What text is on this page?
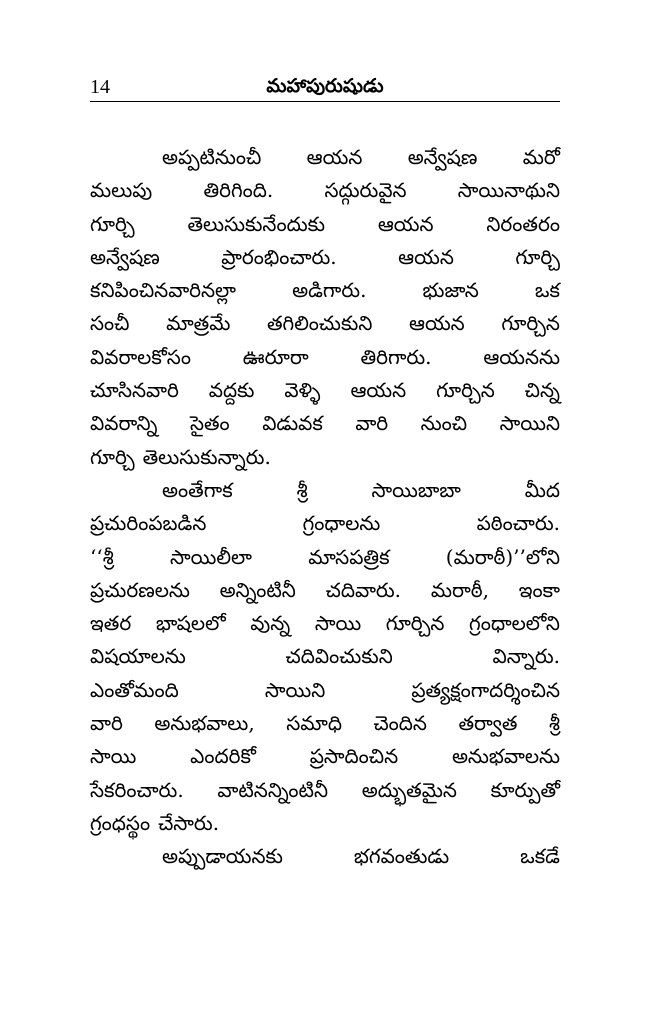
14	మహాపురుషుడు
అప్పటినుంచీ ఆయన అన్వేషణ మరో
మలుపు	తిరిగింది.	సద్గురువైన	సాయినాథుని
గూర్చి	తెలుసుకునేందుకు	ఆయన	నిరంతరం
అన్వేషణ	ప్రారంభించారు.	ఆయన	గూర్చి
కనిపించినవారినల్లా	అడిగారు.	భుజాన	ఒక
సంచీ మాత్రమే తగిలించుకుని ఆయన గూర్చిన
వివరాలకోసం	ఊరూరా	తిరిగారు.	ఆయనను
చూసినవారి వద్దకు వెళ్ళి ఆయన గూర్చిన చిన్న
వివరాన్ని సైతం విడువక వారి నుంచి సాయిని
గూర్చి తెలుసుకున్నారు.
అంతేగాక	శ్రీ	సాయిబాబా	మీద
ప్రచురింపబడిన	గ్రంధాలను	పఠించారు.
‘‘శ్రీ	సాయిలీలా	మాసపత్రిక	(మరాఠీ)’’లోని
ప్రచురణలను అన్నింటినీ చదివారు. మరాఠీ, ఇంకా
ఇతర భాషలలో వున్న సాయి గూర్చిన గ్రంధాలలోని
విషయాలను	చదివించుకుని	విన్నారు.
ఎంతోమంది	సాయిని	ప్రత్యక్షంగాదర్శించిన
వారి అనుభవాలు, సమాధి చెందిన తర్వాత శ్రీ
సాయి	ఎందరికో	ప్రసాదించిన	అనుభవాలను
సేకరించారు. వాటినన్నింటినీ అద్భుతమైన కూర్పుతో
గ్రంధస్థం చేసారు.
అప్పుడాయనకు	భగవంతుడు	ఒకడే
